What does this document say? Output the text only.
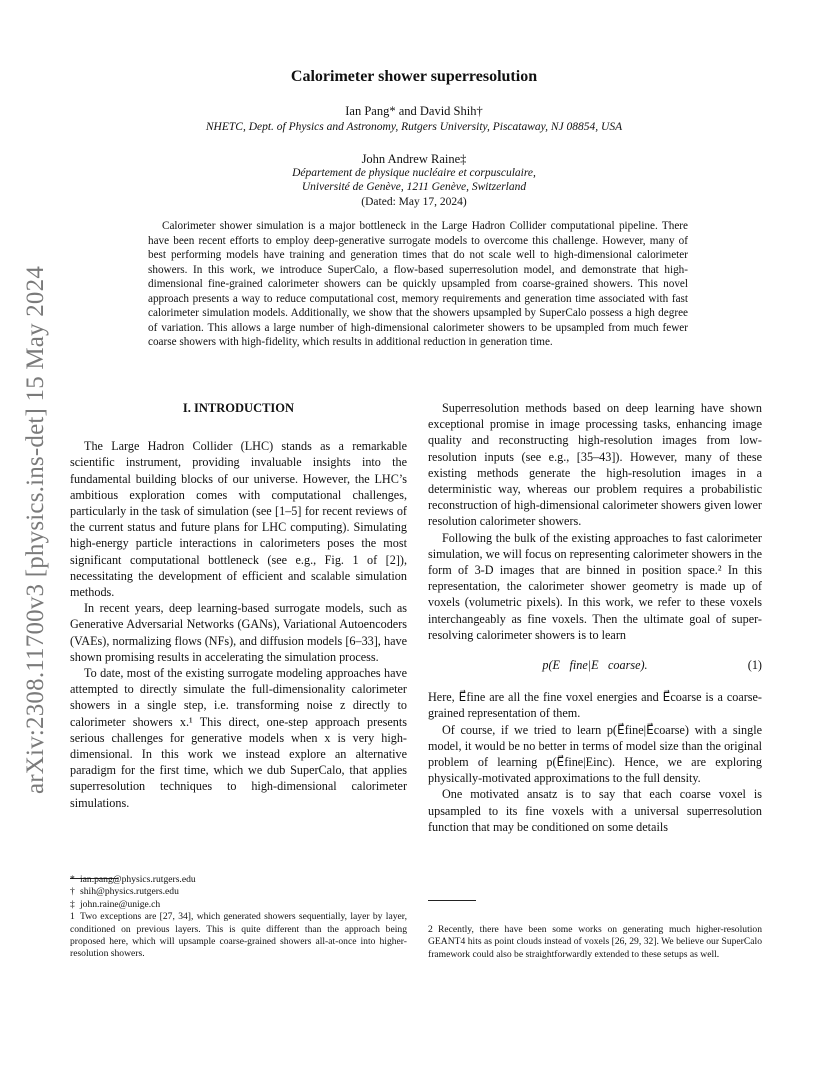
arXiv:2308.11700v3 [physics.ins-det] 15 May 2024
Calorimeter shower superresolution
Ian Pang* and David Shih†
NHETC, Dept. of Physics and Astronomy, Rutgers University, Piscataway, NJ 08854, USA
John Andrew Raine‡
Département de physique nucléaire et corpusculaire,
Université de Genève, 1211 Genève, Switzerland
(Dated: May 17, 2024)
Calorimeter shower simulation is a major bottleneck in the Large Hadron Collider computational pipeline. There have been recent efforts to employ deep-generative surrogate models to overcome this challenge. However, many of best performing models have training and generation times that do not scale well to high-dimensional calorimeter showers. In this work, we introduce SuperCalo, a flow-based superresolution model, and demonstrate that high-dimensional fine-grained calorimeter showers can be quickly upsampled from coarse-grained showers. This novel approach presents a way to reduce computational cost, memory requirements and generation time associated with fast calorimeter simulation models. Additionally, we show that the showers upsampled by SuperCalo possess a high degree of variation. This allows a large number of high-dimensional calorimeter showers to be upsampled from much fewer coarse showers with high-fidelity, which results in additional reduction in generation time.
I. INTRODUCTION

The Large Hadron Collider (LHC) stands as a remarkable scientific instrument, providing invaluable insights into the fundamental building blocks of our universe. However, the LHC’s ambitious exploration comes with computational challenges, particularly in the task of simulation (see [1–5] for recent reviews of the current status and future plans for LHC computing). Simulating high-energy particle interactions in calorimeters poses the most significant computational bottleneck (see e.g., Fig. 1 of [2]), necessitating the development of efficient and scalable simulation methods.

In recent years, deep learning-based surrogate models, such as Generative Adversarial Networks (GANs), Variational Autoencoders (VAEs), normalizing flows (NFs), and diffusion models [6–33], have shown promising results in accelerating the simulation process.

To date, most of the existing surrogate modeling approaches have attempted to directly simulate the full-dimensionality calorimeter showers in a single step, i.e. transforming noise z directly to calorimeter showers x.¹ This direct, one-step approach presents serious challenges for generative models when x is very high-dimensional. In this work we instead explore an alternative paradigm for the first time, which we dub SuperCalo, that applies superresolution techniques to high-dimensional calorimeter simulations.

* ian.pang@physics.rutgers.edu
† shih@physics.rutgers.edu
‡ john.raine@unige.ch
1 Two exceptions are [27, 34], which generated showers sequentially, layer by layer, conditioned on previous layers. This is quite different than the approach being proposed here, which will upsample coarse-grained showers all-at-once into higher-resolution showers.

Superresolution methods based on deep learning have shown exceptional promise in image processing tasks, enhancing image quality and reconstructing high-resolution images from low-resolution inputs (see e.g., [35–43]). However, many of these existing methods generate the high-resolution images in a deterministic way, whereas our problem requires a probabilistic reconstruction of high-dimensional calorimeter showers given lower resolution calorimeter showers.

Following the bulk of the existing approaches to fast calorimeter simulation, we will focus on representing calorimeter showers in the form of 3-D images that are binned in position space.² In this representation, the calorimeter shower geometry is made up of voxels (volumetric pixels). In this work, we refer to these voxels interchangeably as fine voxels. Then the ultimate goal of super-resolving calorimeter showers is to learn

p(E⃗fine|E⃗coarse).	(1)

Here, E⃗fine are all the fine voxel energies and E⃗coarse is a coarse-grained representation of them.

Of course, if we tried to learn p(E⃗fine|E⃗coarse) with a single model, it would be no better in terms of model size than the original problem of learning p(E⃗fine|Einc). Hence, we are exploring physically-motivated approximations to the full density.

One motivated ansatz is to say that each coarse voxel is upsampled to its fine voxels with a universal superresolution function that may be conditioned on some details

2 Recently, there have been some works on generating much higher-resolution GEANT4 hits as point clouds instead of voxels [26, 29, 32]. We believe our SuperCalo framework could also be straightforwardly extended to these setups as well.
